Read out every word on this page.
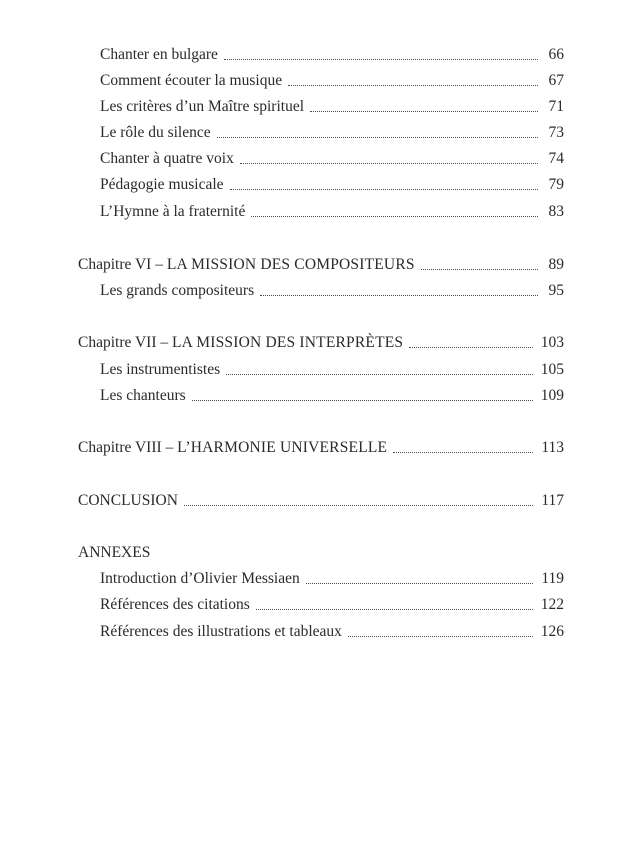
Chanter en bulgare	66
Comment écouter la musique	67
Les critères d’un Maître spirituel	71
Le rôle du silence	73
Chanter à quatre voix	74
Pédagogie musicale	79
L’Hymne à la fraternité	83
Chapitre VI – LA MISSION DES COMPOSITEURS	89
Les grands compositeurs	95
Chapitre VII – LA MISSION DES INTERPRÈTES	103
Les instrumentistes	105
Les chanteurs	109
Chapitre VIII – L’HARMONIE UNIVERSELLE	113
CONCLUSION	117
ANNEXES
Introduction d’Olivier Messiaen	119
Références des citations	122
Références des illustrations et tableaux	126
